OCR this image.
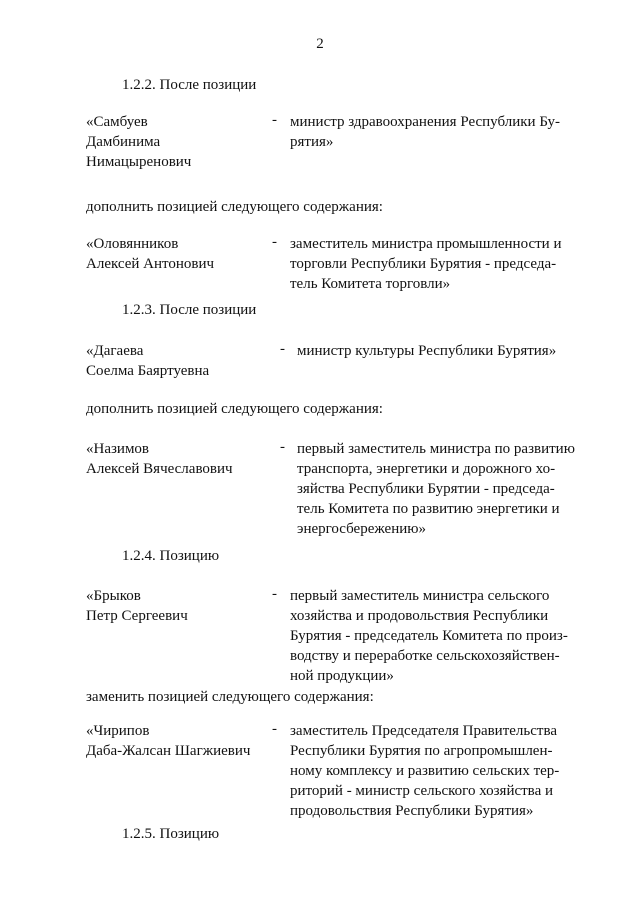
2
1.2.2. После позиции
«Самбуев
Дамбинима
Нимацыренович
- министр здравоохранения Республики Бу-
рятия»
дополнить позицией следующего содержания:
«Оловянников
Алексей Антонович
- заместитель министра промышленности и
торговли Республики Бурятия - председа-
тель Комитета торговли»
1.2.3. После позиции
«Дагаева
Соелма Баяртуевна
- министр культуры Республики Бурятия»
дополнить позицией следующего содержания:
«Назимов
Алексей Вячеславович
- первый заместитель министра по развитию
транспорта, энергетики и дорожного хо-
зяйства Республики Бурятии - председа-
тель Комитета по развитию энергетики и
энергосбережению»
1.2.4. Позицию
«Брыков
Петр Сергеевич
- первый заместитель министра сельского
хозяйства и продовольствия Республики
Бурятия - председатель Комитета по произ-
водству и переработке сельскохозяйствен-
ной продукции»
заменить позицией следующего содержания:
«Чирипов
Даба-Жалсан Шагжиевич
- заместитель Председателя Правительства
Республики Бурятия по агропромышлен-
ному комплексу и развитию сельских тер-
риторий - министр сельского хозяйства и
продовольствия Республики Бурятия»
1.2.5. Позицию
